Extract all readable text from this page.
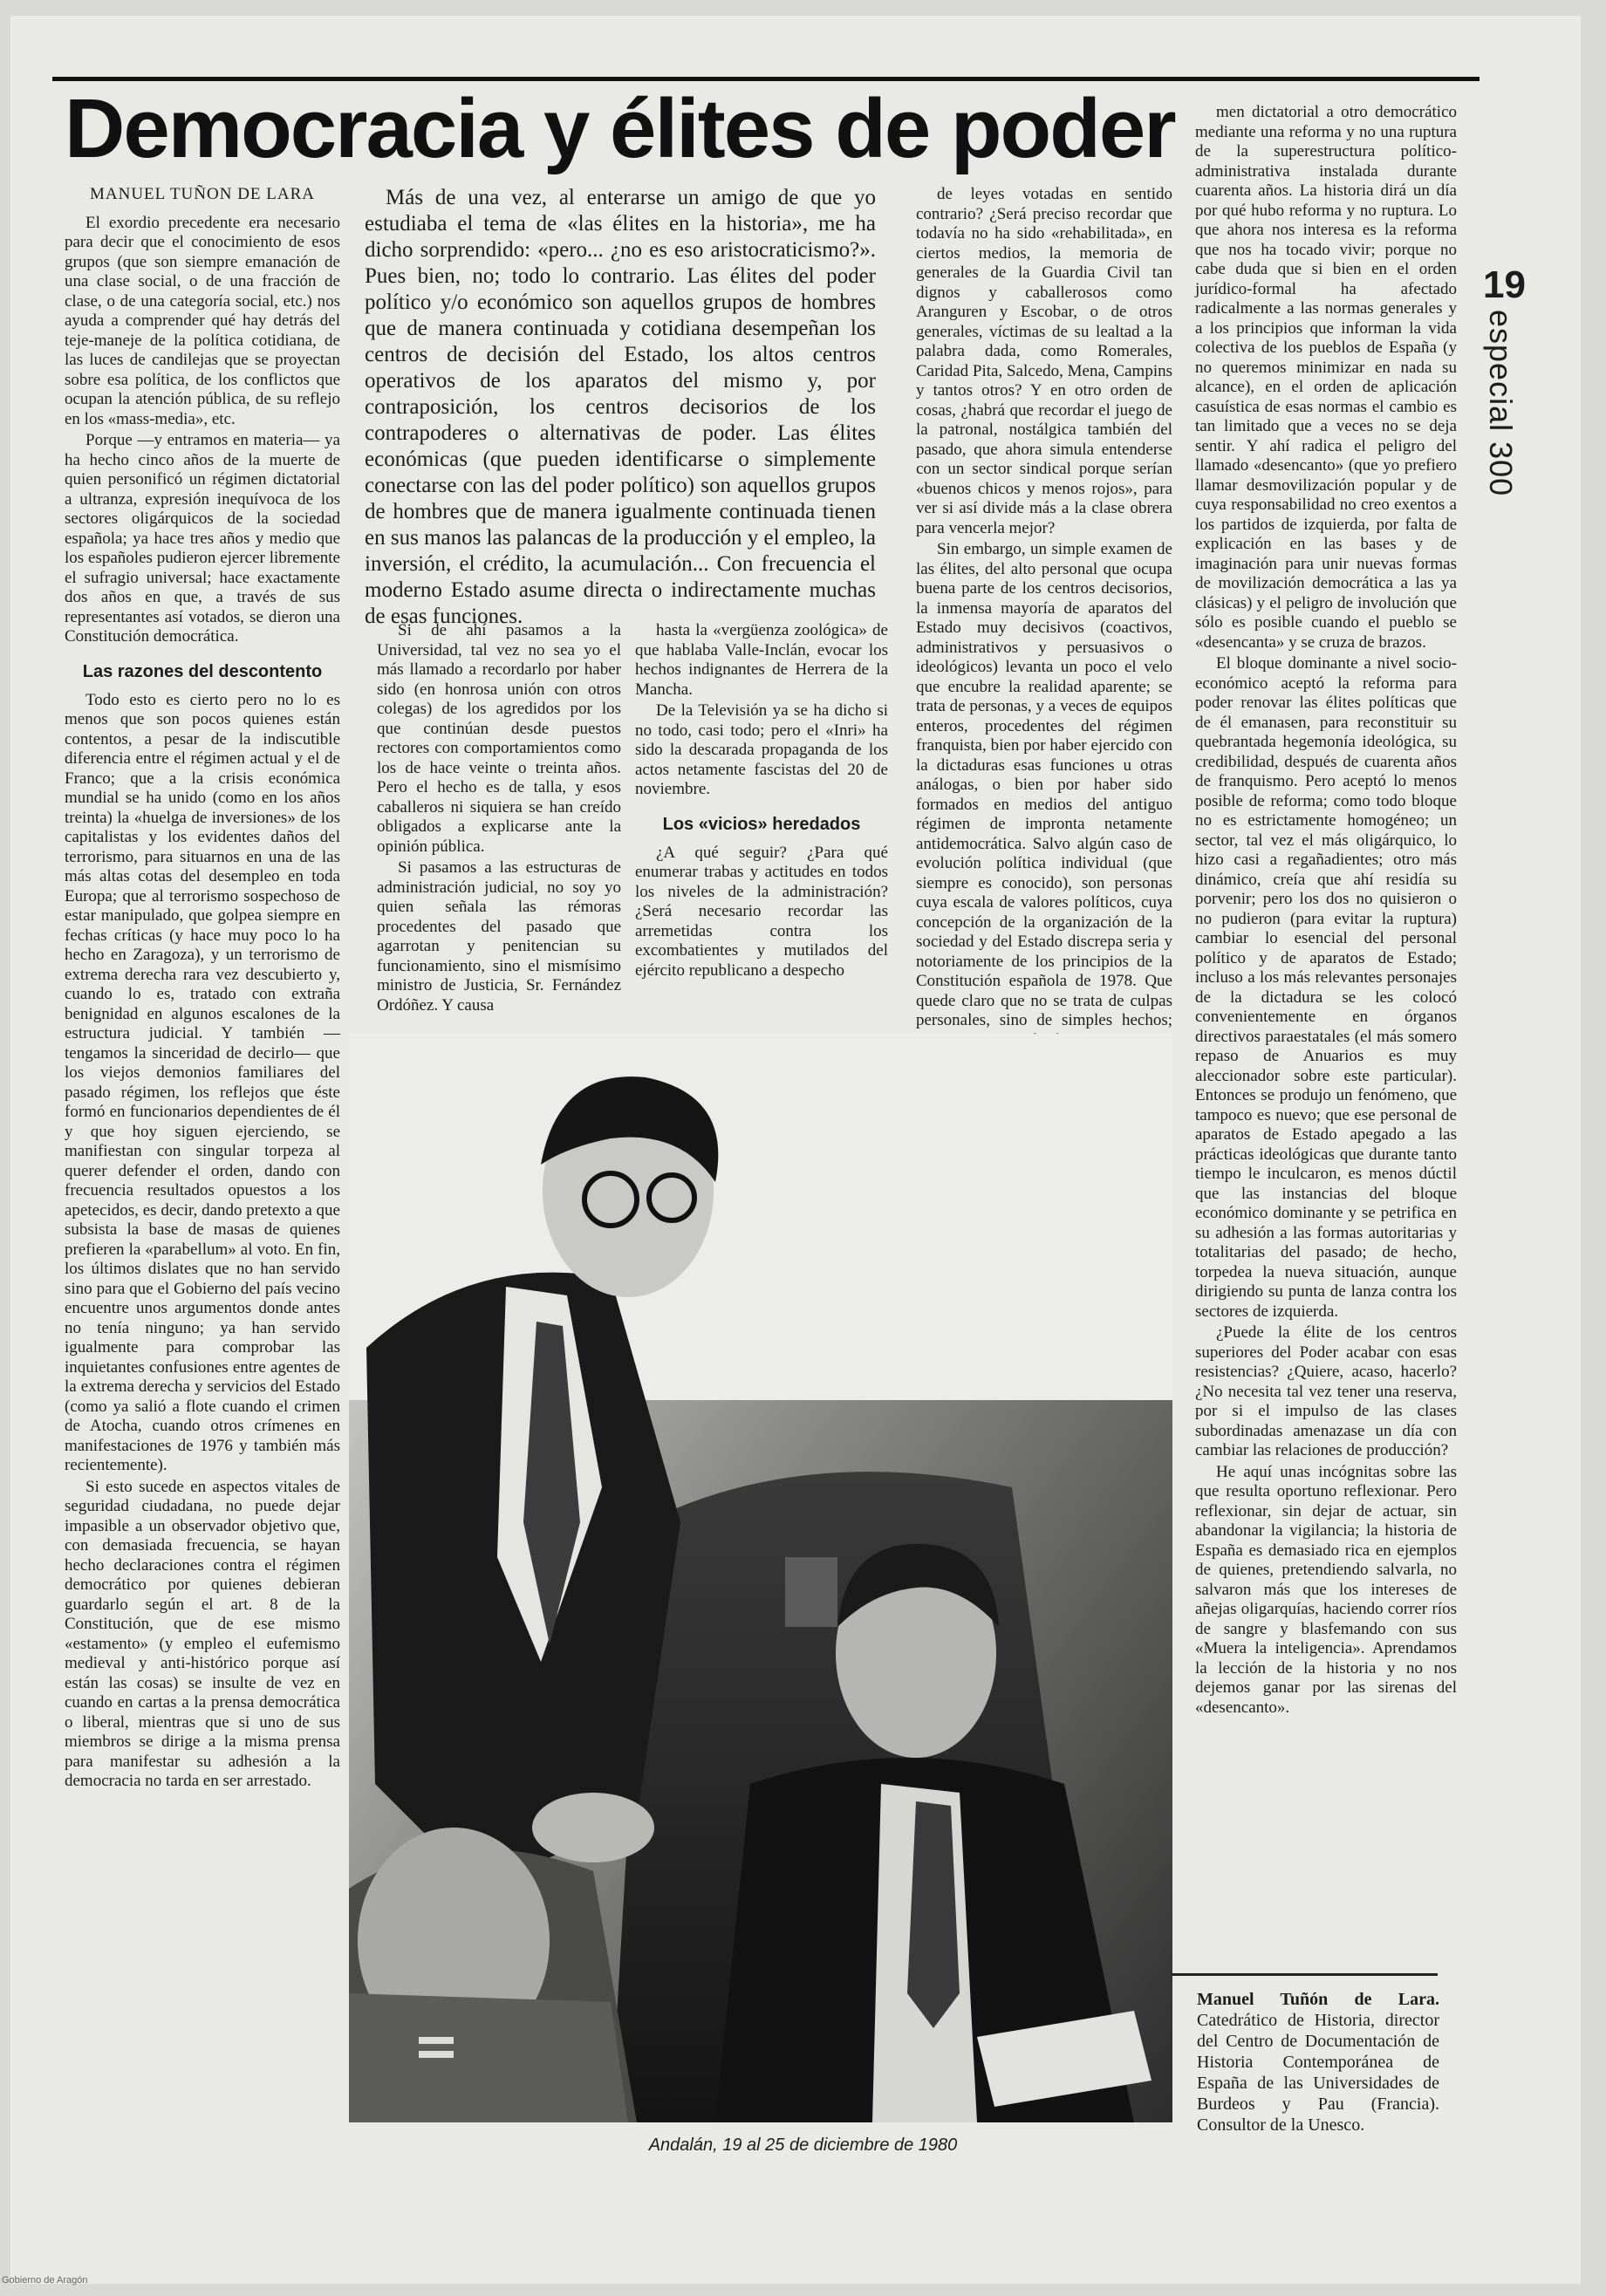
Democracia y élites de poder

MANUEL TUÑON DE LARA

El exordio precedente era necesario para decir que el conocimiento de esos grupos (que son siempre emanación de una clase social, o de una fracción de clase, o de una categoría social, etc.) nos ayuda a comprender qué hay detrás del teje-maneje de la política cotidiana, de las luces de candilejas que se proyectan sobre esa política, de los conflictos que ocupan la atención pública, de su reflejo en los «mass-media», etc.

Porque —y entramos en materia— ya ha hecho cinco años de la muerte de quien personificó un régimen dictatorial a ultranza, expresión inequívoca de los sectores oligárquicos de la sociedad española; ya hace tres años y medio que los españoles pudieron ejercer libremente el sufragio universal; hace exactamente dos años en que, a través de sus representantes así votados, se dieron una Constitución democrática.

Las razones del descontento

Todo esto es cierto pero no lo es menos que son pocos quienes están contentos, a pesar de la indiscutible diferencia entre el régimen actual y el de Franco; que a la crisis económica mundial se ha unido (como en los años treinta) la «huelga de inversiones» de los capitalistas y los evidentes daños del terrorismo, para situarnos en una de las más altas cotas del desempleo en toda Europa; que al terrorismo sospechoso de estar manipulado, que golpea siempre en fechas críticas (y hace muy poco lo ha hecho en Zaragoza), y un terrorismo de extrema derecha rara vez descubierto y, cuando lo es, tratado con extraña benignidad en algunos escalones de la estructura judicial. Y también —tengamos la sinceridad de decirlo— que los viejos demonios familiares del pasado régimen, los reflejos que éste formó en funcionarios dependientes de él y que hoy siguen ejerciendo, se manifiestan con singular torpeza al querer defender el orden, dando con frecuencia resultados opuestos a los apetecidos, es decir, dando pretexto a que subsista la base de masas de quienes prefieren la «parabellum» al voto. En fin, los últimos dislates que no han servido sino para que el Gobierno del país vecino encuentre unos argumentos donde antes no tenía ninguno; ya han servido igualmente para comprobar las inquietantes confusiones entre agentes de la extrema derecha y servicios del Estado (como ya salió a flote cuando el crimen de Atocha, cuando otros crímenes en manifestaciones de 1976 y también más recientemente).

Si esto sucede en aspectos vitales de seguridad ciudadana, no puede dejar impasible a un observador objetivo que, con demasiada frecuencia, se hayan hecho declaraciones contra el régimen democrático por quienes debieran guardarlo según el art. 8 de la Constitución, que de ese mismo «estamento» (y empleo el eufemismo medieval y anti-histórico porque así están las cosas) se insulte de vez en cuando en cartas a la prensa democrática o liberal, mientras que si uno de sus miembros se dirige a la misma prensa para manifestar su adhesión a la democracia no tarda en ser arrestado.

Más de una vez, al enterarse un amigo de que yo estudiaba el tema de «las élites en la historia», me ha dicho sorprendido: «pero... ¿no es eso aristocraticismo?». Pues bien, no; todo lo contrario. Las élites del poder político y/o económico son aquellos grupos de hombres que de manera continuada y cotidiana desempeñan los centros de decisión del Estado, los altos centros operativos de los aparatos del mismo y, por contraposición, los centros decisorios de los contrapoderes o alternativas de poder. Las élites económicas (que pueden identificarse o simplemente conectarse con las del poder político) son aquellos grupos de hombres que de manera igualmente continuada tienen en sus manos las palancas de la producción y el empleo, la inversión, el crédito, la acumulación... Con frecuencia el moderno Estado asume directa o indirectamente muchas de esas funciones.

Si de ahí pasamos a la Universidad, tal vez no sea yo el más llamado a recordarlo por haber sido (en honrosa unión con otros colegas) de los agredidos por los que continúan desde puestos rectores con comportamientos como los de hace veinte o treinta años. Pero el hecho es de talla, y esos caballeros ni siquiera se han creído obligados a explicarse ante la opinión pública.

Si pasamos a las estructuras de administración judicial, no soy yo quien señala las rémoras procedentes del pasado que agarrotan y penitencian su funcionamiento, sino el mismísimo ministro de Justicia, Sr. Fernández Ordóñez. Y causa

hasta la «vergüenza zoológica» de que hablaba Valle-Inclán, evocar los hechos indignantes de Herrera de la Mancha.

De la Televisión ya se ha dicho si no todo, casi todo; pero el «Inri» ha sido la descarada propaganda de los actos netamente fascistas del 20 de noviembre.

Los «vicios» heredados

¿A qué seguir? ¿Para qué enumerar trabas y actitudes en todos los niveles de la administración? ¿Será necesario recordar las arremetidas contra los excombatientes y mutilados del ejército republicano a despecho

de leyes votadas en sentido contrario? ¿Será preciso recordar que todavía no ha sido «rehabilitada», en ciertos medios, la memoria de generales de la Guardia Civil tan dignos y caballerosos como Aranguren y Escobar, o de otros generales, víctimas de su lealtad a la palabra dada, como Romerales, Caridad Pita, Salcedo, Mena, Campins y tantos otros? Y en otro orden de cosas, ¿habrá que recordar el juego de la patronal, nostálgica también del pasado, que ahora simula entenderse con un sector sindical porque serían «buenos chicos y menos rojos», para ver si así divide más a la clase obrera para vencerla mejor?

Sin embargo, un simple examen de las élites, del alto personal que ocupa buena parte de los centros decisorios, la inmensa mayoría de aparatos del Estado muy decisivos (coactivos, administrativos y persuasivos o ideológicos) levanta un poco el velo que encubre la realidad aparente; se trata de personas, y a veces de equipos enteros, procedentes del régimen franquista, bien por haber ejercido con la dictaduras esas funciones u otras análogas, o bien por haber sido formados en medios del antiguo régimen de impronta netamente antidemocrática. Salvo algún caso de evolución política individual (que siempre es conocido), son personas cuya escala de valores políticos, cuya concepción de la organización de la sociedad y del Estado discrepa seria y notoriamente de los principios de la Constitución española de 1978. Que quede claro que no se trata de culpas personales, sino de simples hechos;

men dictatorial a otro democrático mediante una reforma y no una ruptura de la superestructura político-administrativa instalada durante cuarenta años. La historia dirá un día por qué hubo reforma y no ruptura. Lo que ahora nos interesa es la reforma que nos ha tocado vivir; porque no cabe duda que si bien en el orden jurídico-formal ha afectado radicalmente a las normas generales y a los principios que informan la vida colectiva de los pueblos de España (y no queremos minimizar en nada su alcance), en el orden de aplicación casuística de esas normas el cambio es tan limitado que a veces no se deja sentir. Y ahí radica el peligro del llamado «desencanto» (que yo prefiero llamar desmovilización popular y de cuya responsabilidad no creo exentos a los partidos de izquierda, por falta de explicación en las bases y de imaginación para unir nuevas formas de movilización democrática a las ya clásicas) y el peligro de involución que sólo es posible cuando el pueblo se «desencanta» y se cruza de brazos.

El bloque dominante a nivel socio-económico aceptó la reforma para poder renovar las élites políticas que de él emanasen, para reconstituir su quebrantada hegemonía ideológica, su credibilidad, después de cuarenta años de franquismo. Pero aceptó lo menos posible de reforma; como todo bloque no es estrictamente homogéneo; un sector, tal vez el más oligárquico, lo hizo casi a regañadientes; otro más dinámico, creía que ahí residía su porvenir; pero los dos no quisieron o no pudieron (para evitar la ruptura) cambiar lo esencial del personal político y de aparatos de Estado; incluso a los más relevantes personajes de la dictadura se les colocó convenientemente en órganos directivos paraestatales (el más somero repaso de Anuarios es muy aleccionador sobre este particular). Entonces se produjo un fenómeno, que tampoco es nuevo; que ese personal de aparatos de Estado apegado a las prácticas ideológicas que durante tanto tiempo le inculcaron, es menos dúctil que las instancias del bloque económico dominante y se petrifica en su adhesión a las formas autoritarias y totalitarias del pasado; de hecho, torpedea la nueva situación, aunque dirigiendo su punta de lanza contra los sectores de izquierda.

¿Puede la élite de los centros superiores del Poder acabar con esas resistencias? ¿Quiere, acaso, hacerlo? ¿No necesita tal vez tener una reserva, por si el impulso de las clases subordinadas amenazase un día con cambiar las relaciones de producción?

He aquí unas incógnitas sobre las que resulta oportuno reflexionar. Pero reflexionar, sin dejar de actuar, sin abandonar la vigilancia; la historia de España es demasiado rica en ejemplos de quienes, pretendiendo salvarla, no salvaron más que los intereses de añejas oligarquías, haciendo correr ríos de sangre y blasfemando con sus «Muera la inteligencia». Aprendamos la lección de la historia y no nos dejemos ganar por las sirenas del «desencanto».

19
especial 300
Manuel Tuñón de Lara. Catedrático de Historia, director del Centro de Documentación de Historia Contemporánea de España de las Universidades de Burdeos y Pau (Francia). Consultor de la Unesco.
Andalán, 19 al 25 de diciembre de 1980
Gobierno de Aragón
